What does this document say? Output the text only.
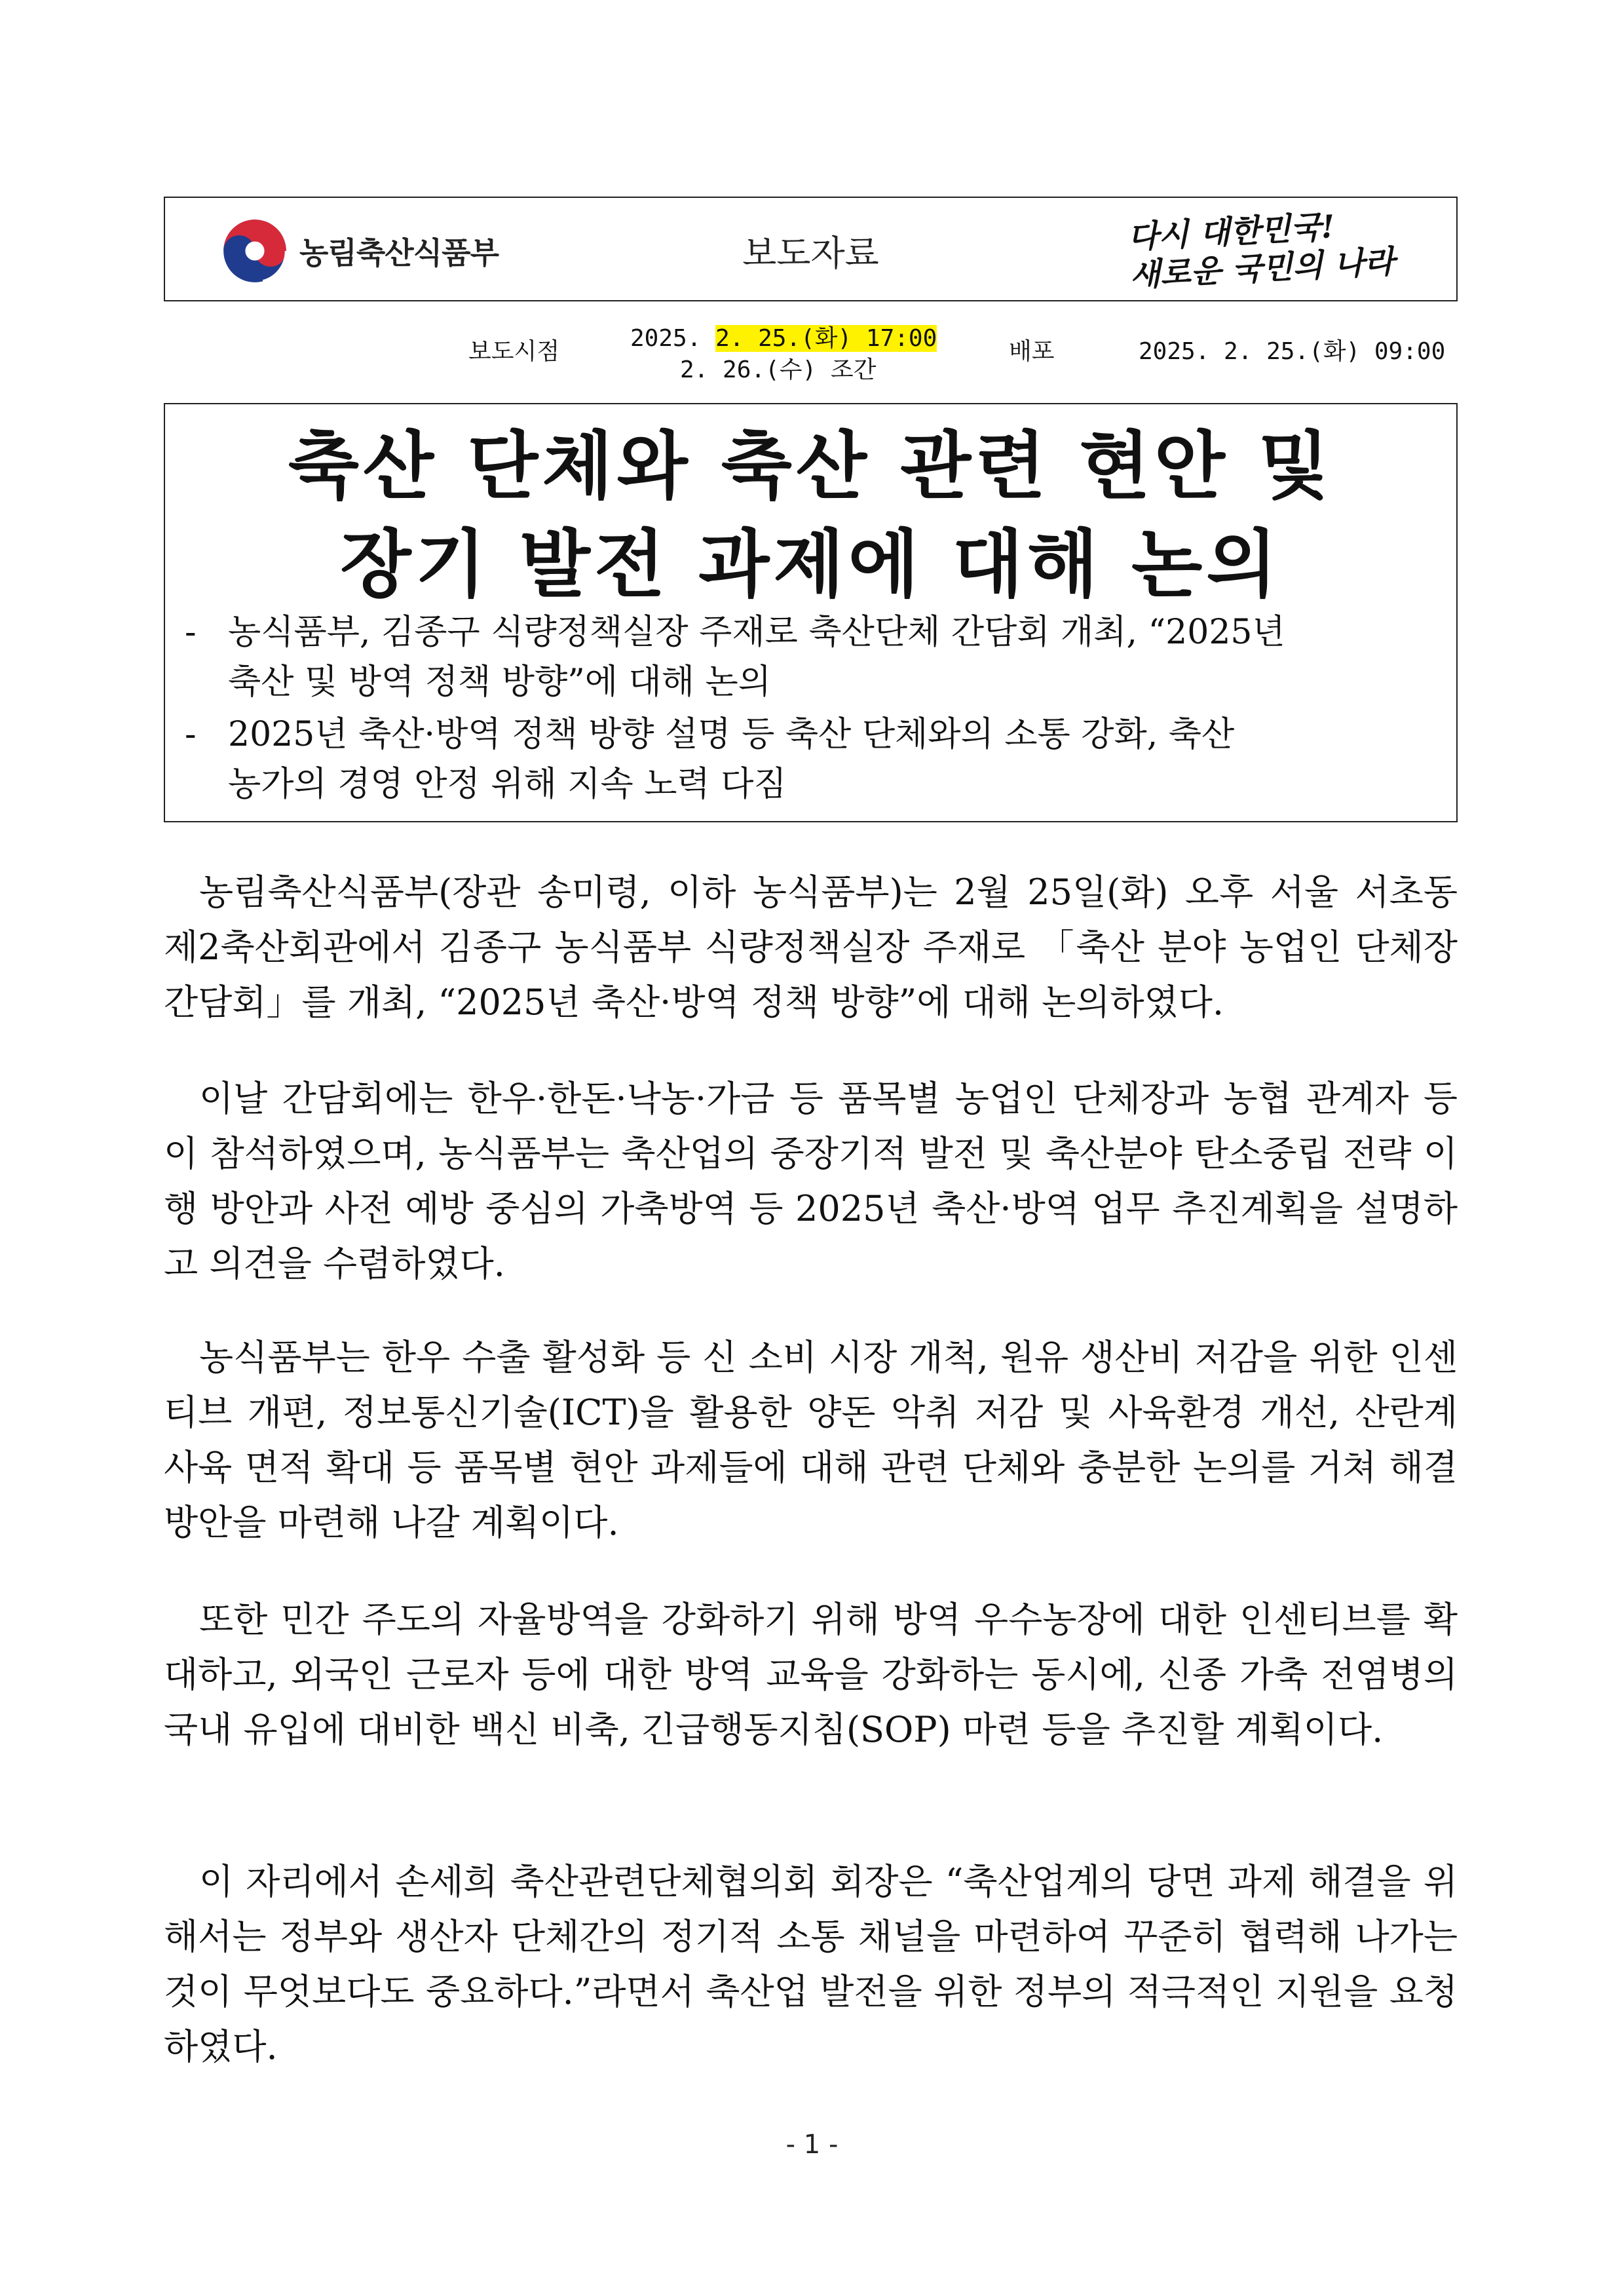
농림축산식품부	보도자료	다시 대한민국!
새로운 국민의 나라
보도시점	2025. 2. 25.(화) 17:00
2. 26.(수) 조간
배포	2025. 2. 25.(화) 09:00
축산 단체와 축산 관련 현안 및
장기 발전 과제에 대해 논의
- 농식품부, 김종구 식량정책실장 주재로 축산단체 간담회 개최, “2025년
축산 및 방역 정책 방향”에 대해 논의
- 2025년 축산·방역 정책 방향 설명 등 축산 단체와의 소통 강화, 축산
농가의 경영 안정 위해 지속 노력 다짐

농림축산식품부(장관 송미령, 이하 농식품부)는 2월 25일(화) 오후 서울 서초동 제2축산회관에서 김종구 농식품부 식량정책실장 주재로 「축산 분야 농업인 단체장 간담회」를 개최, “2025년 축산·방역 정책 방향”에 대해 논의하였다.

이날 간담회에는 한우·한돈·낙농·가금 등 품목별 농업인 단체장과 농협 관계자 등이 참석하였으며, 농식품부는 축산업의 중장기적 발전 및 축산분야 탄소중립 전략 이행 방안과 사전 예방 중심의 가축방역 등 2025년 축산·방역 업무 추진계획을 설명하고 의견을 수렴하였다.

농식품부는 한우 수출 활성화 등 신 소비 시장 개척, 원유 생산비 저감을 위한 인센티브 개편, 정보통신기술(ICT)을 활용한 양돈 악취 저감 및 사육환경 개선, 산란계 사육 면적 확대 등 품목별 현안 과제들에 대해 관련 단체와 충분한 논의를 거쳐 해결 방안을 마련해 나갈 계획이다.

또한 민간 주도의 자율방역을 강화하기 위해 방역 우수농장에 대한 인센티브를 확대하고, 외국인 근로자 등에 대한 방역 교육을 강화하는 동시에, 신종 가축 전염병의 국내 유입에 대비한 백신 비축, 긴급행동지침(SOP) 마련 등을 추진할 계획이다.

이 자리에서 손세희 축산관련단체협의회 회장은 “축산업계의 당면 과제 해결을 위해서는 정부와 생산자 단체간의 정기적 소통 채널을 마련하여 꾸준히 협력해 나가는 것이 무엇보다도 중요하다.”라면서 축산업 발전을 위한 정부의 적극적인 지원을 요청하였다.

- 1 -
